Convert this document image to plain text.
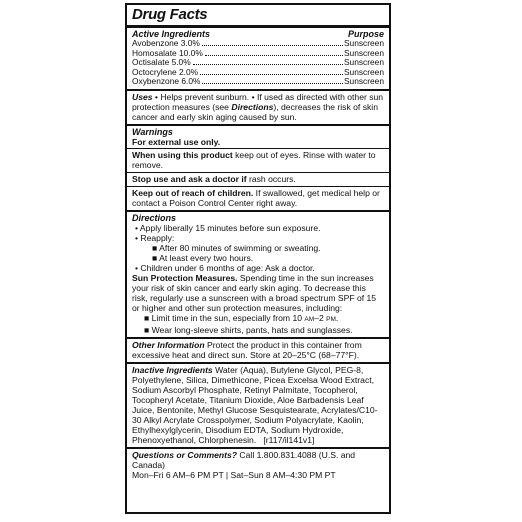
Drug Facts
Active Ingredients	Purpose
Avobenzone 3.0%	Sunscreen
Homosalate 10.0%	Sunscreen
Octisalate 5.0%	Sunscreen
Octocrylene 2.0%	Sunscreen
Oxybenzone 6.0%	Sunscreen
Uses • Helps prevent sunburn. • If used as directed with other sun protection measures (see Directions), decreases the risk of skin cancer and early skin aging caused by sun.
Warnings
For external use only.
When using this product keep out of eyes. Rinse with water to remove.
Stop use and ask a doctor if rash occurs.
Keep out of reach of children. If swallowed, get medical help or contact a Poison Control Center right away.
Directions
• Apply liberally 15 minutes before sun exposure.
• Reapply:
■ After 80 minutes of swimming or sweating.
■ At least every two hours.
• Children under 6 months of age: Ask a doctor.
Sun Protection Measures. Spending time in the sun increases your risk of skin cancer and early skin aging. To decrease this risk, regularly use a sunscreen with a broad spectrum SPF of 15 or higher and other sun protection measures, including:
■ Limit time in the sun, especially from 10 AM–2 PM.
■ Wear long-sleeve shirts, pants, hats and sunglasses.
Other Information Protect the product in this container from excessive heat and direct sun. Store at 20–25°C (68–77°F).
Inactive Ingredients Water (Aqua), Butylene Glycol, PEG-8, Polyethylene, Silica, Dimethicone, Picea Excelsa Wood Extract, Sodium Ascorbyl Phosphate, Retinyl Palmitate, Tocopherol, Tocopheryl Acetate, Titanium Dioxide, Aloe Barbadensis Leaf Juice, Bentonite, Methyl Glucose Sesquistearate, Acrylates/C10-30 Alkyl Acrylate Crosspolymer, Sodium Polyacrylate, Kaolin, Ethylhexylglycerin, Disodium EDTA, Sodium Hydroxide, Phenoxyethanol, Chlorphenesin. [r117/il141v1]
Questions or Comments? Call 1.800.831.4088 (U.S. and Canada)
Mon–Fri 6 AM–6 PM PT | Sat–Sun 8 AM–4:30 PM PT
